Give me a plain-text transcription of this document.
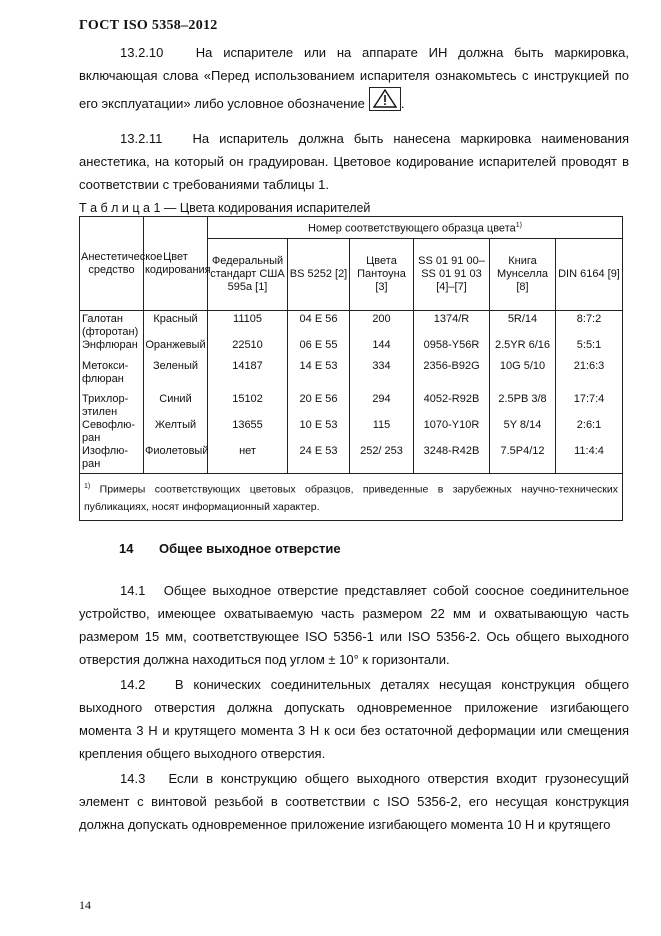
ГОСТ ISO 5358–2012

13.2.10 На испарителе или на аппарате ИН должна быть маркировка, включающая слова «Перед использованием испарителя ознакомьтесь с инструкцией по его эксплуатации» либо условное обозначение	.

13.2.11 На испаритель должна быть нанесена маркировка наименования анестетика, на который он градуирован. Цветовое кодирование испарителей проводят в соответствии с требованиями таблицы 1.

Т а б л и ц а 1 — Цвета кодирования испарителей
Анестетическое средство	Цвет кодирования	Номер соответствующего образца цвета$^{1)}$
		Федеральный стандарт США 595а [1]	BS 5252 [2]	Цвета Пантоуна [3]	SS 01 91 00–SS 01 91 03 [4]–[7]	Книга Мунселла [8]	DIN 6164 [9]
Галотан (фторотан)	Красный	11105	04 E 56	200	1374/R	5R/14	8:7:2
Энфлюран	Оранжевый	22510	06 E 55	144	0958-Y56R	2.5YR 6/16	5:5:1
Метокси-флюран	Зеленый	14187	14 E 53	334	2356-B92G	10G 5/10	21:6:3
Трихлор-этилен	Синий	15102	20 E 56	294	4052-R92B	2.5PB 3/8	17:7:4
Севофлю-ран	Желтый	13655	10 E 53	115	1070-Y10R	5Y 8/14	2:6:1
Изофлю-ран	Фиолетовый	нет	24 E 53	252/ 253	3248-R42B	7.5P4/12	11:4:4
$^{1)}$ Примеры соответствующих цветовых образцов, приведенные в зарубежных научно-технических публикациях, носят информационный характер.							
14 Общее выходное отверстие

14.1 Общее выходное отверстие представляет собой соосное соединительное устройство, имеющее охватываемую часть размером 22 мм и охватывающую часть размером 15 мм, соответствующее ISO 5356-1 или ISO 5356-2. Ось общего выходного отверстия должна находиться под углом ± 10° к горизонтали.

14.2 В конических соединительных деталях несущая конструкция общего выходного отверстия должна допускать одновременное приложение изгибающего момента 3 Н и крутящего момента 3 Н к оси без остаточной деформации или смещения крепления общего выходного отверстия.

14.3 Если в конструкцию общего выходного отверстия входит грузонесущий элемент с винтовой резьбой в соответствии с ISO 5356-2, его несущая конструкция должна допускать одновременное приложение изгибающего момента 10 Н и крутящего

14
